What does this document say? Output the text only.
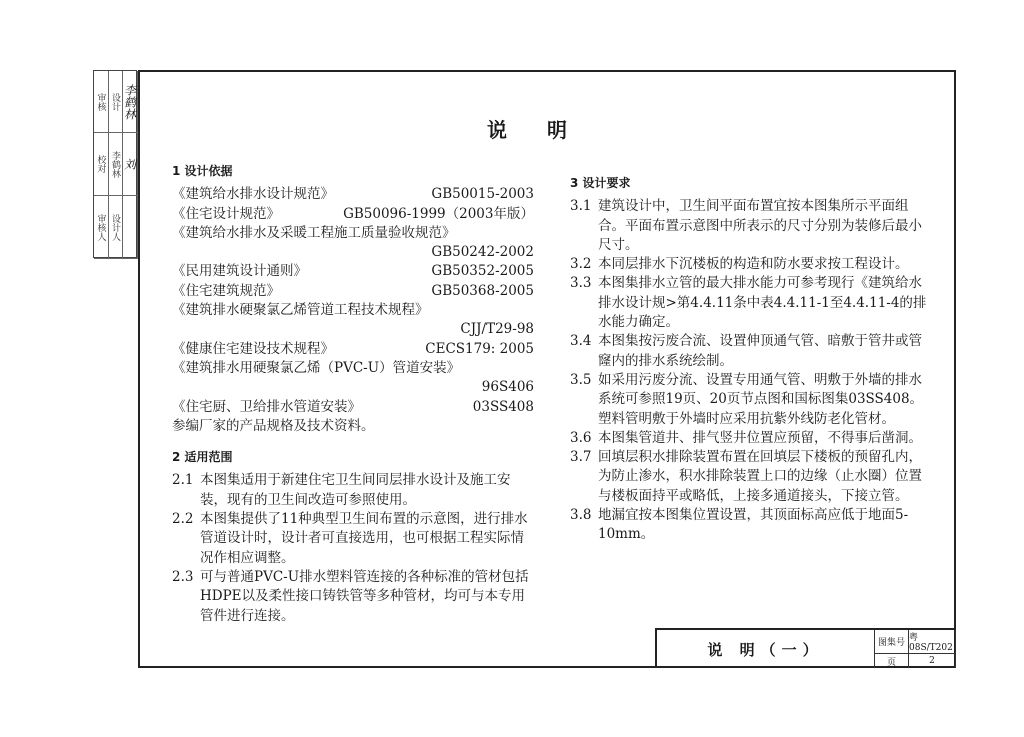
审核 设计 李鹤林
校对 李鹤林 刘
审核人 设计人
说明
1 设计依据
《建筑给水排水设计规范》	GB50015-2003
《住宅设计规范》	GB50096-1999（2003年版）
《建筑给水排水及采暖工程施工质量验收规范》
GB50242-2002
《民用建筑设计通则》	GB50352-2005
《住宅建筑规范》	GB50368-2005
《建筑排水硬聚氯乙烯管道工程技术规程》
CJJ/T29-98
《健康住宅建设技术规程》	CECS179: 2005
《建筑排水用硬聚氯乙烯（PVC-U）管道安装》
96S406
《住宅厨、卫给排水管道安装》	03SS408
参编厂家的产品规格及技术资料。
2 适用范围
2.1 本图集适用于新建住宅卫生间同层排水设计及施工安装，现有的卫生间改造可参照使用。
2.2 本图集提供了11种典型卫生间布置的示意图，进行排水管道设计时，设计者可直接选用，也可根据工程实际情况作相应调整。
2.3 可与普通PVC-U排水塑料管连接的各种标准的管材包括HDPE以及柔性接口铸铁管等多种管材，均可与本专用管件进行连接。
3 设计要求
3.1 建筑设计中，卫生间平面布置宜按本图集所示平面组合。平面布置示意图中所表示的尺寸分别为装修后最小尺寸。
3.2 本同层排水下沉楼板的构造和防水要求按工程设计。
3.3 本图集排水立管的最大排水能力可参考现行《建筑给水排水设计规>第4.4.11条中表4.4.11-1至4.4.11-4的排水能力确定。
3.4 本图集按污废合流、设置伸顶通气管、暗敷于管井或管窿内的排水系统绘制。
3.5 如采用污废分流、设置专用通气管、明敷于外墙的排水系统可参照19页、20页节点图和国标图集03SS408。塑料管明敷于外墙时应采用抗紫外线防老化管材。
3.6 本图集管道井、排气竖井位置应预留，不得事后凿洞。
3.7 回填层积水排除装置布置在回填层下楼板的预留孔内，为防止渗水，积水排除装置上口的边缘（止水圈）位置与楼板面持平或略低，上接多通道接头，下接立管。
3.8 地漏宜按本图集位置设置，其顶面标高应低于地面5-10mm。
说 明（一）	图集号 粤08S/T202
页	2
